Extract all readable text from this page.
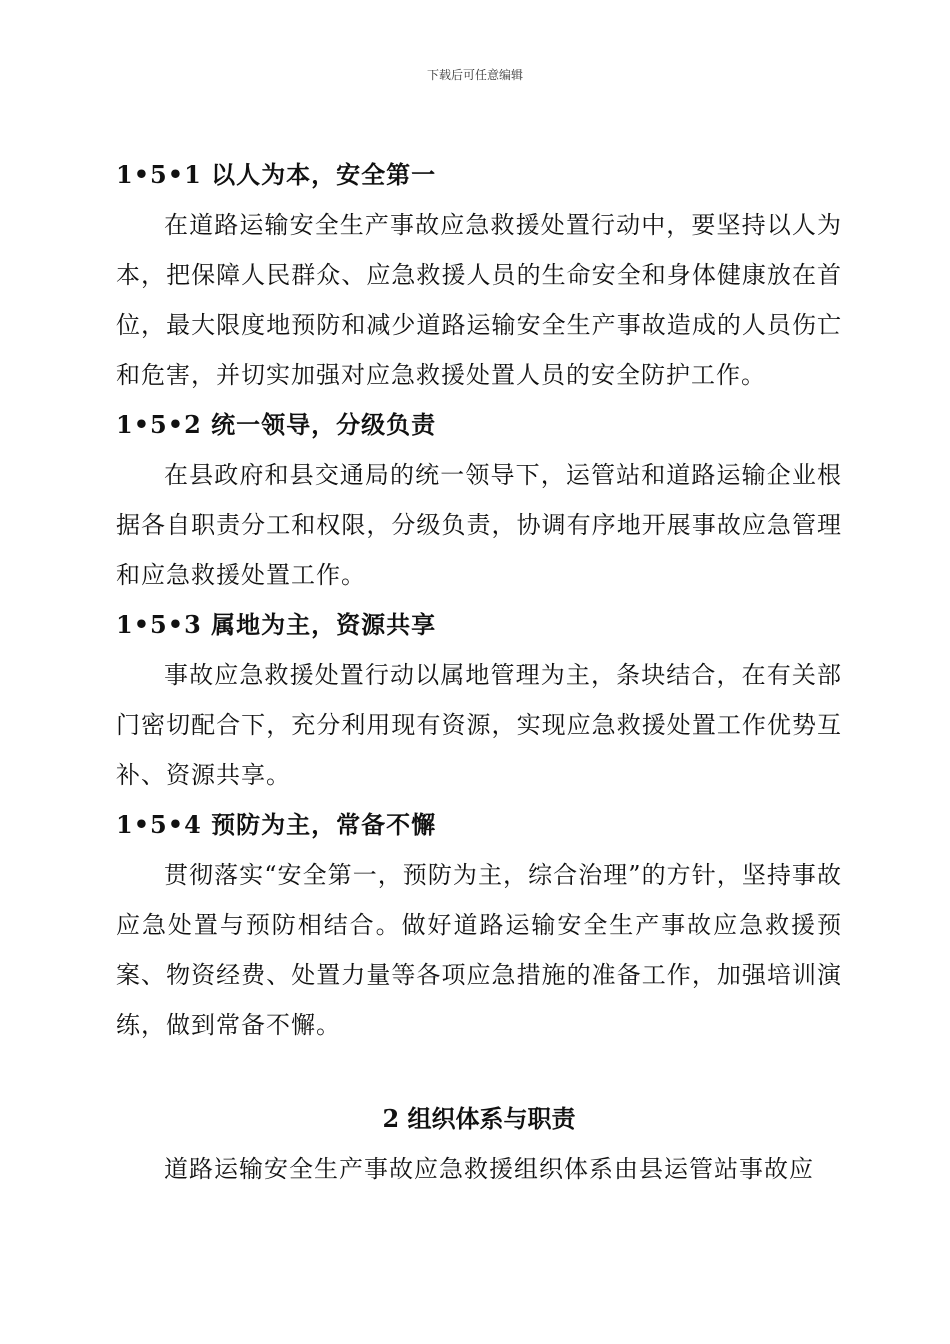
下载后可任意编辑
1•5•1 以人为本，安全第一

在道路运输安全生产事故应急救援处置行动中，要坚持以人为本，把保障人民群众、应急救援人员的生命安全和身体健康放在首位，最大限度地预防和减少道路运输安全生产事故造成的人员伤亡和危害，并切实加强对应急救援处置人员的安全防护工作。

1•5•2 统一领导，分级负责

在县政府和县交通局的统一领导下，运管站和道路运输企业根据各自职责分工和权限，分级负责，协调有序地开展事故应急管理和应急救援处置工作。

1•5•3 属地为主，资源共享

事故应急救援处置行动以属地管理为主，条块结合，在有关部门密切配合下，充分利用现有资源，实现应急救援处置工作优势互补、资源共享。

1•5•4 预防为主，常备不懈

贯彻落实“安全第一，预防为主，综合治理”的方针，坚持事故应急处置与预防相结合。做好道路运输安全生产事故应急救援预案、物资经费、处置力量等各项应急措施的准备工作，加强培训演练，做到常备不懈。

2 组织体系与职责

道路运输安全生产事故应急救援组织体系由县运管站事故应
